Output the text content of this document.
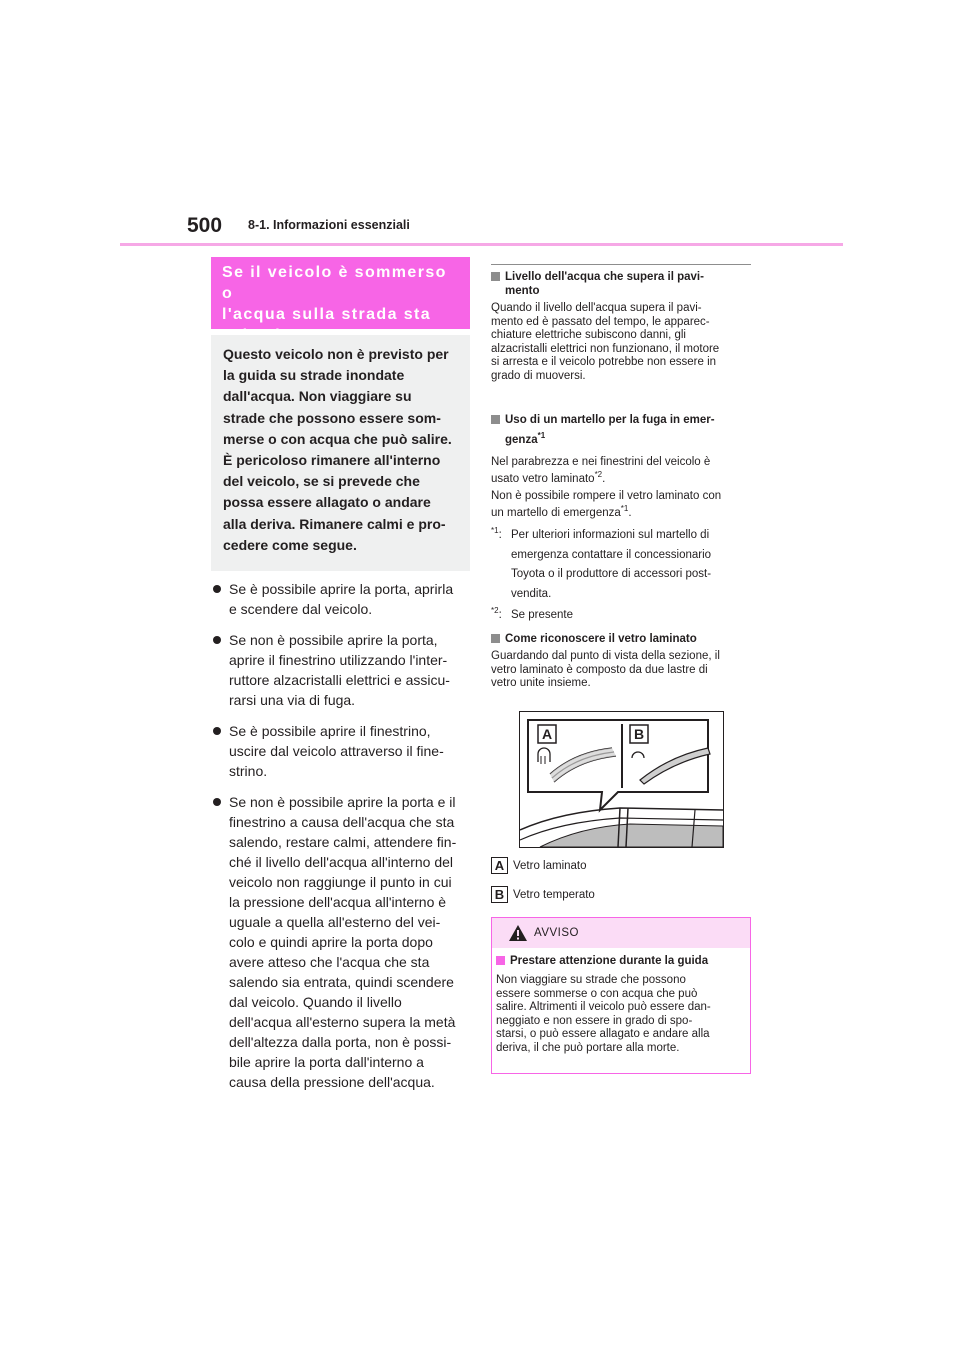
500 8-1. Informazioni essenziali
Se il veicolo è sommerso o
l'acqua sulla strada sta
Questo veicolo non è previsto per
la guida su strade inondate
dall'acqua. Non viaggiare su
strade che possono essere som-
merse o con acqua che può salire.
È pericoloso rimanere all'interno
del veicolo, se si prevede che
possa essere allagato o andare
alla deriva. Rimanere calmi e pro-
cedere come segue.
Se è possibile aprire la porta, aprirla
e scendere dal veicolo.
Se non è possibile aprire la porta,
aprire il finestrino utilizzando l'inter-
ruttore alzacristalli elettrici e assicu-
rarsi una via di fuga.
Se è possibile aprire il finestrino,
uscire dal veicolo attraverso il fine-
strino.
Se non è possibile aprire la porta e il
finestrino a causa dell'acqua che sta
salendo, restare calmi, attendere fin-
ché il livello dell'acqua all'interno del
veicolo non raggiunge il punto in cui
la pressione dell'acqua all'interno è
uguale a quella all'esterno del vei-
colo e quindi aprire la porta dopo
avere atteso che l'acqua che sta
salendo sia entrata, quindi scendere
dal veicolo. Quando il livello
dell'acqua all'esterno supera la metà
dell'altezza dalla porta, non è possi-
bile aprire la porta dall'interno a
causa della pressione dell'acqua.
Livello dell'acqua che supera il pavi-
mento
Quando il livello dell'acqua supera il pavi-
mento ed è passato del tempo, le apparec-
chiature elettriche subiscono danni, gli
alzacristalli elettrici non funzionano, il motore
si arresta e il veicolo potrebbe non essere in
grado di muoversi.
Uso di un martello per la fuga in emer-
genza$^{*1}$
Nel parabrezza e nei finestrini del veicolo è
usato vetro laminato$^{*2}$.
Non è possibile rompere il vetro laminato con
un martello di emergenza$^{*1}$.
$^{*1}$: Per ulteriori informazioni sul martello di
emergenza contattare il concessionario
Toyota o il produttore di accessori post-
vendita.
$^{*2}$: Se presente
Come riconoscere il vetro laminato
Guardando dal punto di vista della sezione, il
vetro laminato è composto da due lastre di
vetro unite insieme.
A	B
A Vetro laminato
B Vetro temperato
AVVISO
Prestare attenzione durante la guida
Non viaggiare su strade che possono
essere sommerse o con acqua che può
salire. Altrimenti il veicolo può essere dan-
neggiato e non essere in grado di spo-
starsi, o può essere allagato e andare alla
deriva, il che può portare alla morte.
